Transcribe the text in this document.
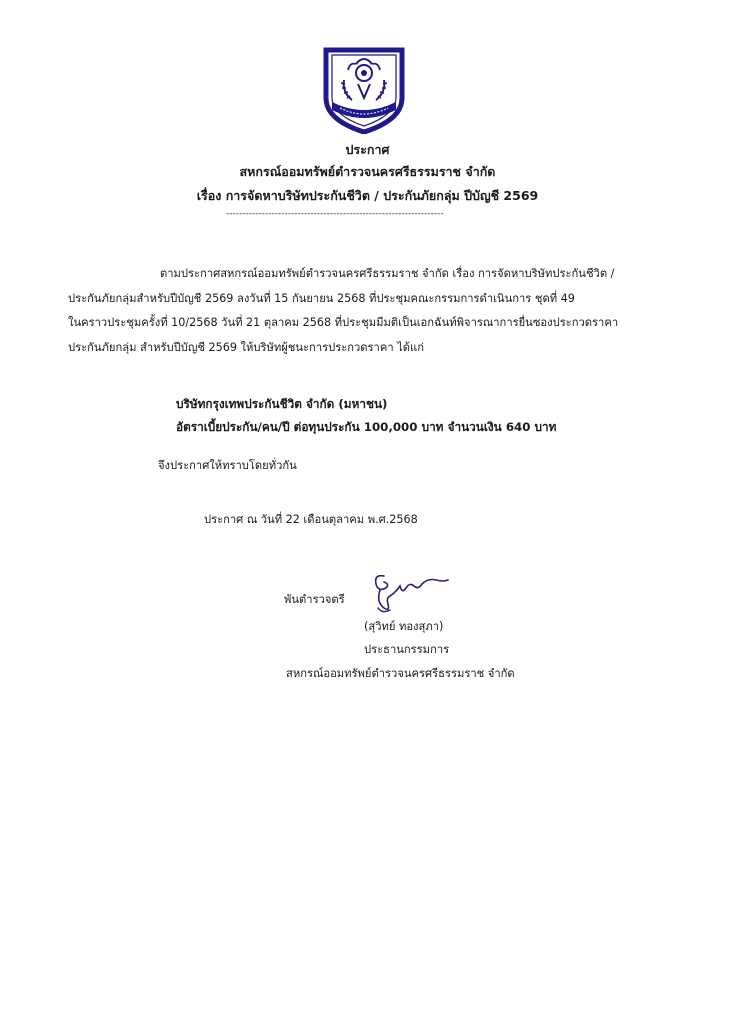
ประกาศ
สหกรณ์ออมทรัพย์ตำรวจนครศรีธรรมราช จำกัด
เรื่อง การจัดหาบริษัทประกันชีวิต / ประกันภัยกลุ่ม ปีบัญชี 2569
-------------------------------------------------------------------
ตามประกาศสหกรณ์ออมทรัพย์ตำรวจนครศรีธรรมราช จำกัด เรื่อง การจัดหาบริษัทประกันชีวิต /
ประกันภัยกลุ่มสำหรับปีบัญชี 2569 ลงวันที่ 15 กันยายน 2568 ที่ประชุมคณะกรรมการดำเนินการ ชุดที่ 49
ในคราวประชุมครั้งที่ 10/2568 วันที่ 21 ตุลาคม 2568 ที่ประชุมมีมติเป็นเอกฉันท์พิจารณาการยื่นซองประกวดราคา
ประกันภัยกลุ่ม สำหรับปีบัญชี 2569 ให้บริษัทผู้ชนะการประกวดราคา ได้แก่
บริษัทกรุงเทพประกันชีวิต จำกัด (มหาชน)
อัตราเบี้ยประกัน/คน/ปี ต่อทุนประกัน 100,000 บาท จำนวนเงิน 640 บาท
จึงประกาศให้ทราบโดยทั่วกัน
ประกาศ ณ วันที่ 22 เดือนตุลาคม พ.ศ.2568
พันตำรวจตรี
(สุวิทย์ ทองสุภา)
ประธานกรรมการ
สหกรณ์ออมทรัพย์ตำรวจนครศรีธรรมราช จำกัด
